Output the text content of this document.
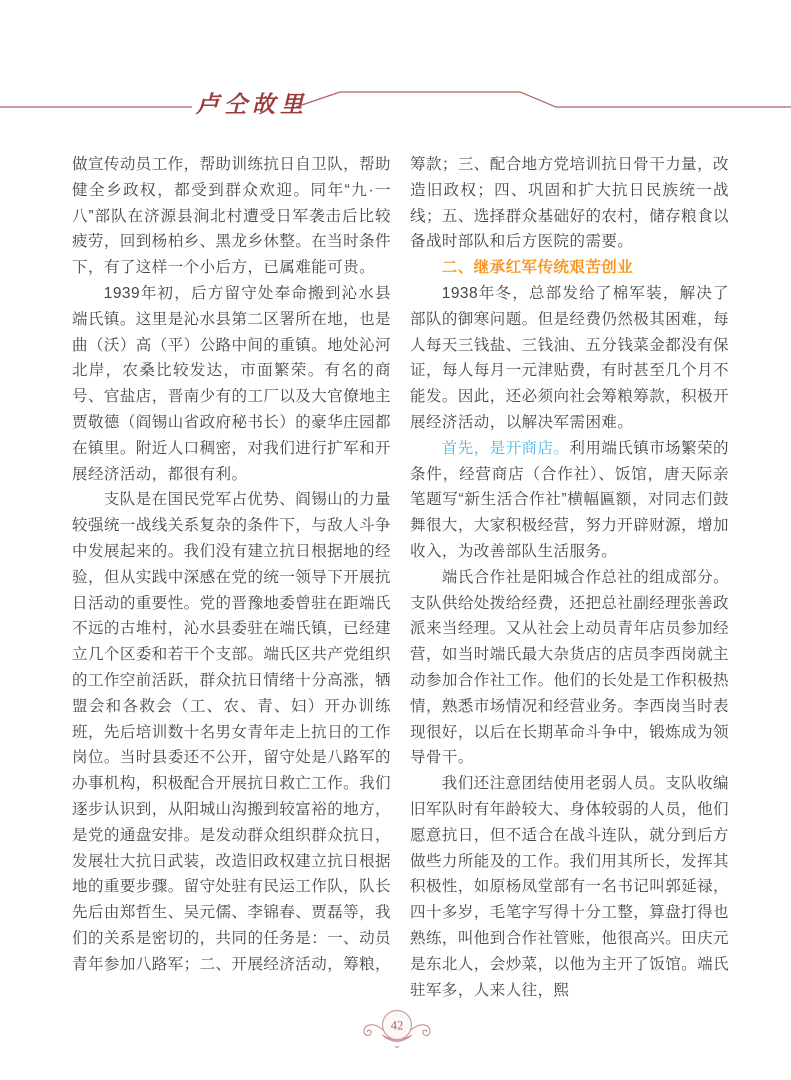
卢仝故里

做宣传动员工作，帮助训练抗日自卫队，帮助健全乡政权，都受到群众欢迎。同年“九·一八”部队在济源县涧北村遭受日军袭击后比较疲劳，回到杨柏乡、黑龙乡休整。在当时条件下，有了这样一个小后方，已属难能可贵。

1939年初，后方留守处奉命搬到沁水县端氏镇。这里是沁水县第二区署所在地，也是曲（沃）高（平）公路中间的重镇。地处沁河北岸，农桑比较发达，市面繁荣。有名的商号、官盐店，晋南少有的工厂以及大官僚地主贾敬德（阎锡山省政府秘书长）的豪华庄园都在镇里。附近人口稠密，对我们进行扩军和开展经济活动，都很有利。

支队是在国民党军占优势、阎锡山的力量较强统一战线关系复杂的条件下，与敌人斗争中发展起来的。我们没有建立抗日根据地的经验，但从实践中深感在党的统一领导下开展抗日活动的重要性。党的晋豫地委曾驻在距端氏不远的古堆村，沁水县委驻在端氏镇，已经建立几个区委和若干个支部。端氏区共产党组织的工作空前活跃，群众抗日情绪十分高涨，牺盟会和各救会（工、农、青、妇）开办训练班，先后培训数十名男女青年走上抗日的工作岗位。当时县委还不公开，留守处是八路军的办事机构，积极配合开展抗日救亡工作。我们逐步认识到，从阳城山沟搬到较富裕的地方，是党的通盘安排。是发动群众组织群众抗日，发展壮大抗日武装，改造旧政权建立抗日根据地的重要步骤。留守处驻有民运工作队，队长先后由郑哲生、吴元儒、李锦春、贾磊等，我们的关系是密切的，共同的任务是：一、动员青年参加八路军；二、开展经济活动，筹粮，

筹款；三、配合地方党培训抗日骨干力量，改造旧政权；四、巩固和扩大抗日民族统一战线；五、选择群众基础好的农村，储存粮食以备战时部队和后方医院的需要。

二、继承红军传统艰苦创业

1938年冬，总部发给了棉军装，解决了部队的御寒问题。但是经费仍然极其困难，每人每天三钱盐、三钱油、五分钱菜金都没有保证，每人每月一元津贴费，有时甚至几个月不能发。因此，还必须向社会筹粮筹款，积极开展经济活动，以解决军需困难。

首先，是开商店。利用端氏镇市场繁荣的条件，经营商店（合作社）、饭馆，唐天际亲笔题写“新生活合作社”横幅匾额，对同志们鼓舞很大，大家积极经营，努力开辟财源，增加收入，为改善部队生活服务。

端氏合作社是阳城合作总社的组成部分。支队供给处拨给经费，还把总社副经理张善政派来当经理。又从社会上动员青年店员参加经营，如当时端氏最大杂货店的店员李西岗就主动参加合作社工作。他们的长处是工作积极热情，熟悉市场情况和经营业务。李西岗当时表现很好，以后在长期革命斗争中，锻炼成为领导骨干。

我们还注意团结使用老弱人员。支队收编旧军队时有年龄较大、身体较弱的人员，他们愿意抗日，但不适合在战斗连队，就分到后方做些力所能及的工作。我们用其所长，发挥其积极性，如原杨凤堂部有一名书记叫郭延禄，四十多岁，毛笔字写得十分工整，算盘打得也熟练，叫他到合作社管账，他很高兴。田庆元是东北人，会炒菜，以他为主开了饭馆。端氏驻军多，人来人往，熙

42
